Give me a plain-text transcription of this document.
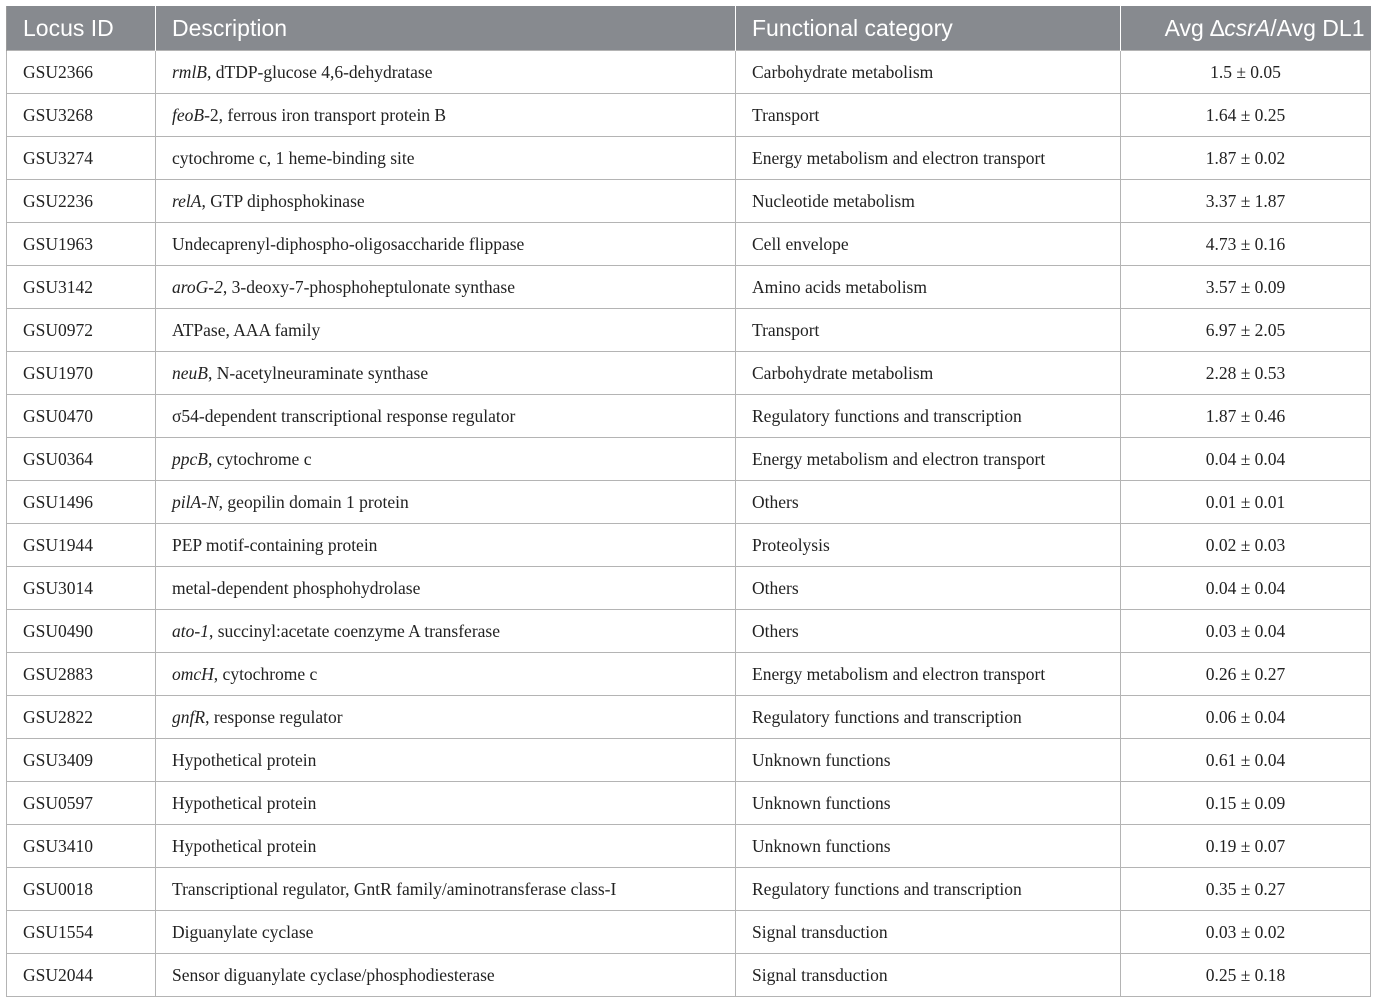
Locus ID	Description	Functional category	Avg ∆csrA/Avg DL1
GSU2366	rmlB, dTDP-glucose 4,6-dehydratase	Carbohydrate metabolism	1.5 ± 0.05
GSU3268	feoB-2, ferrous iron transport protein B	Transport	1.64 ± 0.25
GSU3274	cytochrome c, 1 heme-binding site	Energy metabolism and electron transport	1.87 ± 0.02
GSU2236	relA, GTP diphosphokinase	Nucleotide metabolism	3.37 ± 1.87
GSU1963	Undecaprenyl-diphospho-oligosaccharide flippase	Cell envelope	4.73 ± 0.16
GSU3142	aroG-2, 3-deoxy-7-phosphoheptulonate synthase	Amino acids metabolism	3.57 ± 0.09
GSU0972	ATPase, AAA family	Transport	6.97 ± 2.05
GSU1970	neuB, N-acetylneuraminate synthase	Carbohydrate metabolism	2.28 ± 0.53
GSU0470	σ54-dependent transcriptional response regulator	Regulatory functions and transcription	1.87 ± 0.46
GSU0364	ppcB, cytochrome c	Energy metabolism and electron transport	0.04 ± 0.04
GSU1496	pilA-N, geopilin domain 1 protein	Others	0.01 ± 0.01
GSU1944	PEP motif-containing protein	Proteolysis	0.02 ± 0.03
GSU3014	metal-dependent phosphohydrolase	Others	0.04 ± 0.04
GSU0490	ato-1, succinyl:acetate coenzyme A transferase	Others	0.03 ± 0.04
GSU2883	omcH, cytochrome c	Energy metabolism and electron transport	0.26 ± 0.27
GSU2822	gnfR, response regulator	Regulatory functions and transcription	0.06 ± 0.04
GSU3409	Hypothetical protein	Unknown functions	0.61 ± 0.04
GSU0597	Hypothetical protein	Unknown functions	0.15 ± 0.09
GSU3410	Hypothetical protein	Unknown functions	0.19 ± 0.07
GSU0018	Transcriptional regulator, GntR family/aminotransferase class-I	Regulatory functions and transcription	0.35 ± 0.27
GSU1554	Diguanylate cyclase	Signal transduction	0.03 ± 0.02
GSU2044	Sensor diguanylate cyclase/phosphodiesterase	Signal transduction	0.25 ± 0.18
